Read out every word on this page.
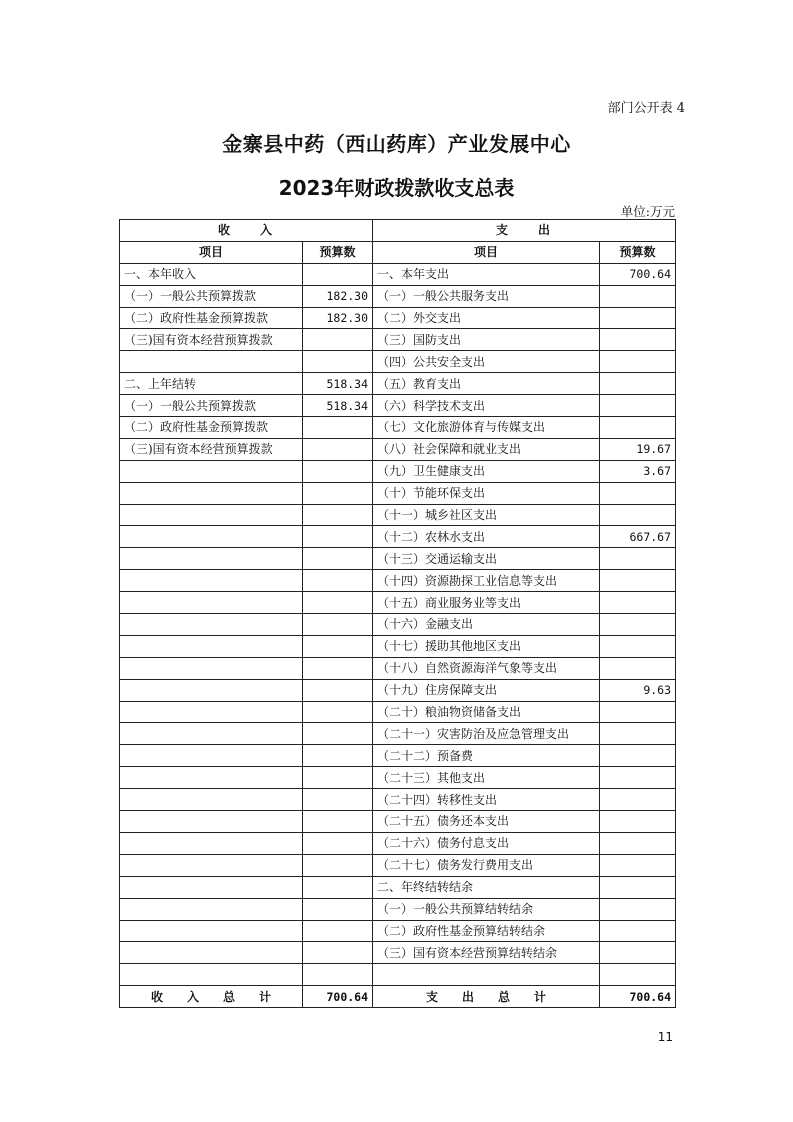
部门公开表 4
金寨县中药（西山药库）产业发展中心
2023年财政拨款收支总表
单位:万元
收　　入		支　　出	
项目	预算数	项目	预算数
一、本年收入		一、本年支出	700.64
（一）一般公共预算拨款	182.30	（一）一般公共服务支出	
（二）政府性基金预算拨款	182.30	（二）外交支出	
（三)国有资本经营预算拨款		（三）国防支出	
		（四）公共安全支出	
二、上年结转	518.34	（五）教育支出	
（一）一般公共预算拨款	518.34	（六）科学技术支出	
（二）政府性基金预算拨款		（七）文化旅游体育与传媒支出	
（三)国有资本经营预算拨款		（八）社会保障和就业支出	19.67
		（九）卫生健康支出	3.67
		（十）节能环保支出	
		（十一）城乡社区支出	
		（十二）农林水支出	667.67
		（十三）交通运输支出	
		（十四）资源勘探工业信息等支出	
		（十五）商业服务业等支出	
		（十六）金融支出	
		（十七）援助其他地区支出	
		（十八）自然资源海洋气象等支出	
		（十九）住房保障支出	9.63
		（二十）粮油物资储备支出	
		（二十一）灾害防治及应急管理支出	
		（二十二）预备费	
		（二十三）其他支出	
		（二十四）转移性支出	
		（二十五）债务还本支出	
		（二十六）债务付息支出	
		（二十七）债务发行费用支出	
		二、年终结转结余	
		（一）一般公共预算结转结余	
		（二）政府性基金预算结转结余	
		（三）国有资本经营预算结转结余	

收　　入　　总　　计	700.64	支　　出　　总　　计	700.64
11
